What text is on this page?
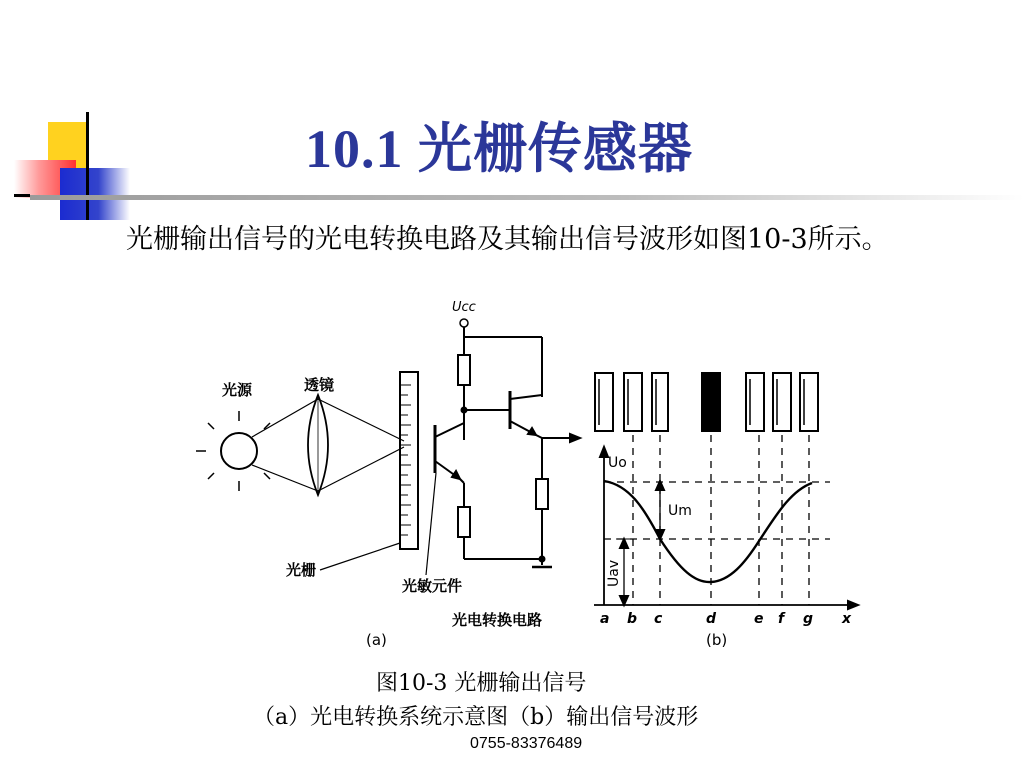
10.1 光栅传感器
光栅输出信号的光电转换电路及其输出信号波形如图10-3所示。
Ucc
光源	透镜
光栅
光敏元件
光电转换电路
(a)	(b)
Uo
Um
Uav
a b c	d	e f g x
图10-3 光栅输出信号
（a）光电转换系统示意图（b）输出信号波形
0755-83376489
